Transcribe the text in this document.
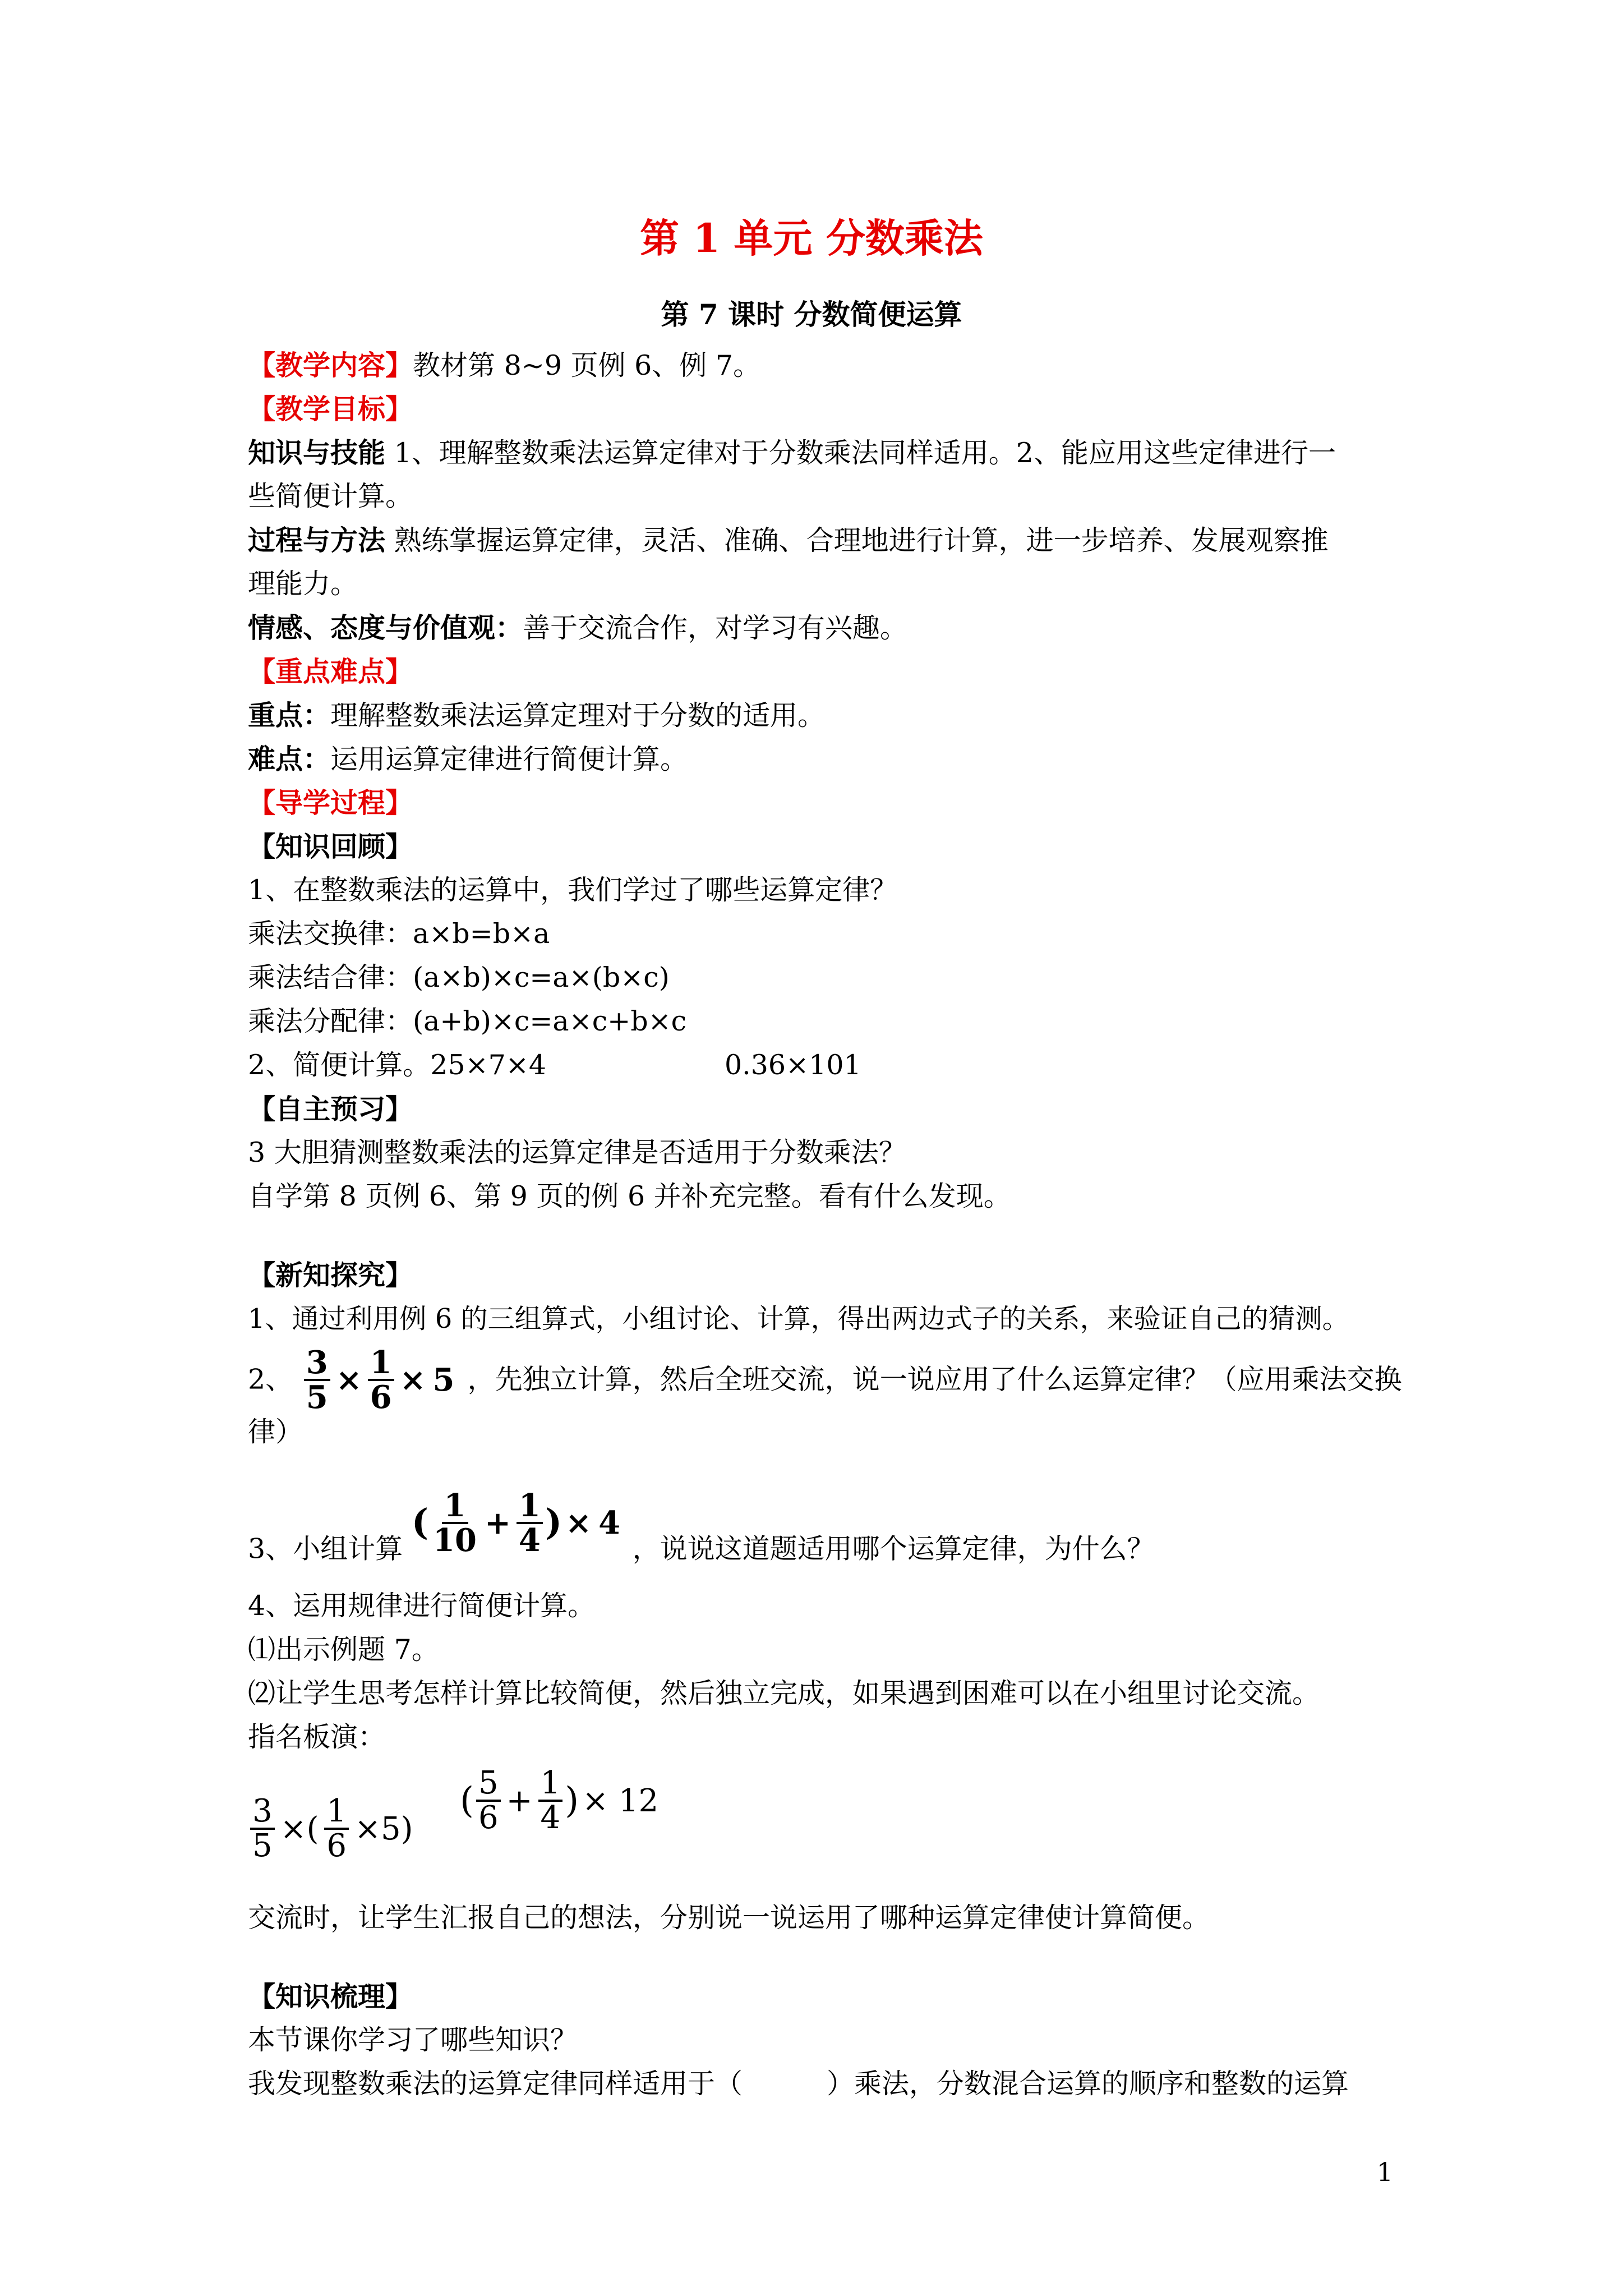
第 1 单元 分数乘法
第 7 课时 分数简便运算
【教学内容】教材第 8~9 页例 6、例 7。
【教学目标】
知识与技能 1、理解整数乘法运算定律对于分数乘法同样适用。2、能应用这些定律进行一
些简便计算。
过程与方法 熟练掌握运算定律，灵活、准确、合理地进行计算，进一步培养、发展观察推
理能力。
情感、态度与价值观：善于交流合作，对学习有兴趣。
【重点难点】
重点：理解整数乘法运算定理对于分数的适用。
难点：运用运算定律进行简便计算。
【导学过程】
【知识回顾】
1、在整数乘法的运算中，我们学过了哪些运算定律？
乘法交换律：a×b=b×a
乘法结合律：(a×b)×c=a×(b×c)
乘法分配律：(a+b)×c=a×c+b×c
2、简便计算。25×7×4	0.36×101
【自主预习】
3 大胆猜测整数乘法的运算定律是否适用于分数乘法？
自学第 8 页例 6、第 9 页的例 6 并补充完整。看有什么发现。
【新知探究】
1、通过利用例 6 的三组算式，小组讨论、计算，得出两边式子的关系，来验证自己的猜测。
2、 $\frac{3}{5} \times \frac{1}{6} \times 5$ ，先独立计算，然后全班交流，说一说应用了什么运算定律？（应用乘法交换
律）
3、小组计算 ( $\frac{1}{10} + \frac{1}{4}$ ) × 4 ，说说这道题适用哪个运算定律，为什么？
4、运用规律进行简便计算。
⑴出示例题 7。
⑵让学生思考怎样计算比较简便，然后独立完成，如果遇到困难可以在小组里讨论交流。
指名板演：
$\frac{3}{5}$ ×( $\frac{1}{6} \times 5$)
( $\frac{5}{6} + \frac{1}{4}$ ) × 12
交流时，让学生汇报自己的想法，分别说一说运用了哪种运算定律使计算简便。
【知识梳理】
本节课你学习了哪些知识？
我发现整数乘法的运算定律同样适用于（	）乘法，分数混合运算的顺序和整数的运算
1
